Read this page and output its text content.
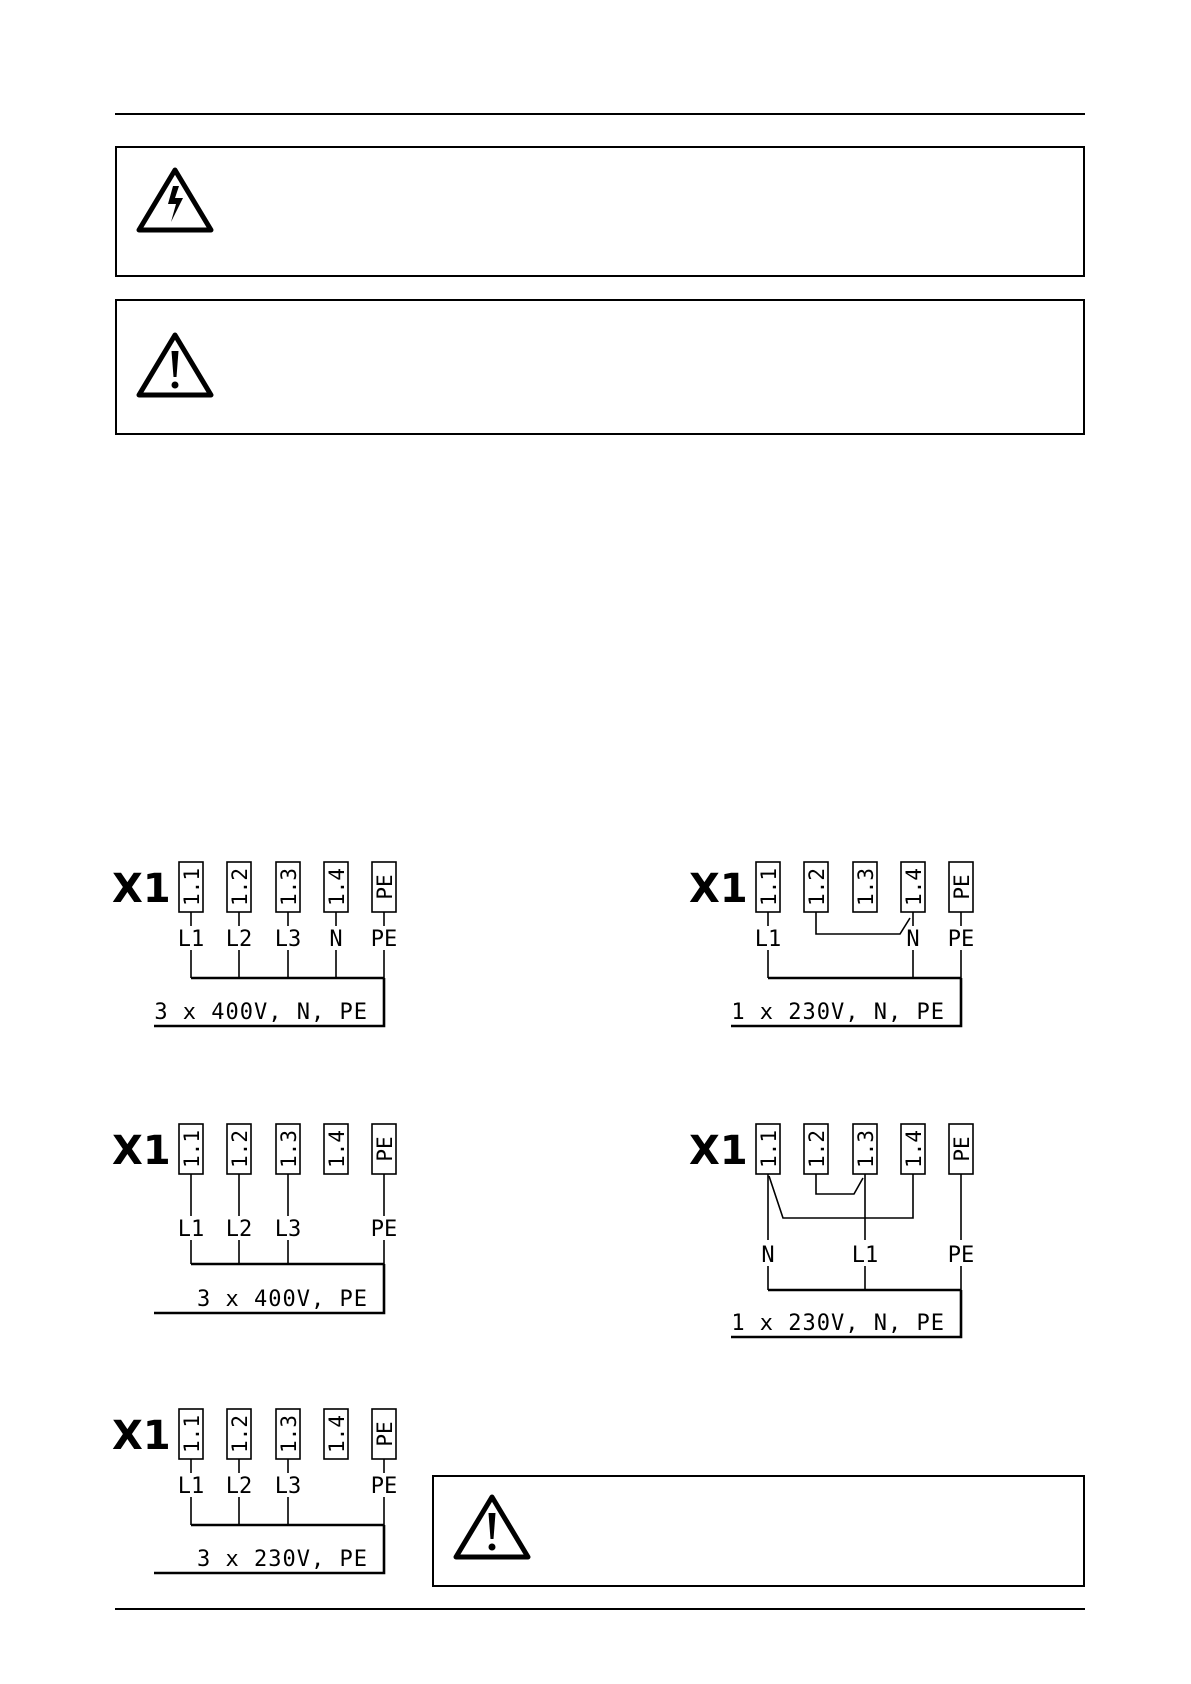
X1 1.1 1.2 1.3 1.4 PE
L1 L2 L3 N PE
3 x 400V, N, PE
X1 1.1 1.2 1.3 1.4 PE
L1	N PE
1 x 230V, N, PE
X1 1.1 1.2 1.3 1.4 PE
L1 L2 L3	PE
3 x 400V, PE
X1 1.1 1.2 1.3 1.4 PE
N	L1	PE
1 x 230V, N, PE
X1 1.1 1.2 1.3 1.4 PE
L1 L2 L3	PE
3 x 230V, PE
